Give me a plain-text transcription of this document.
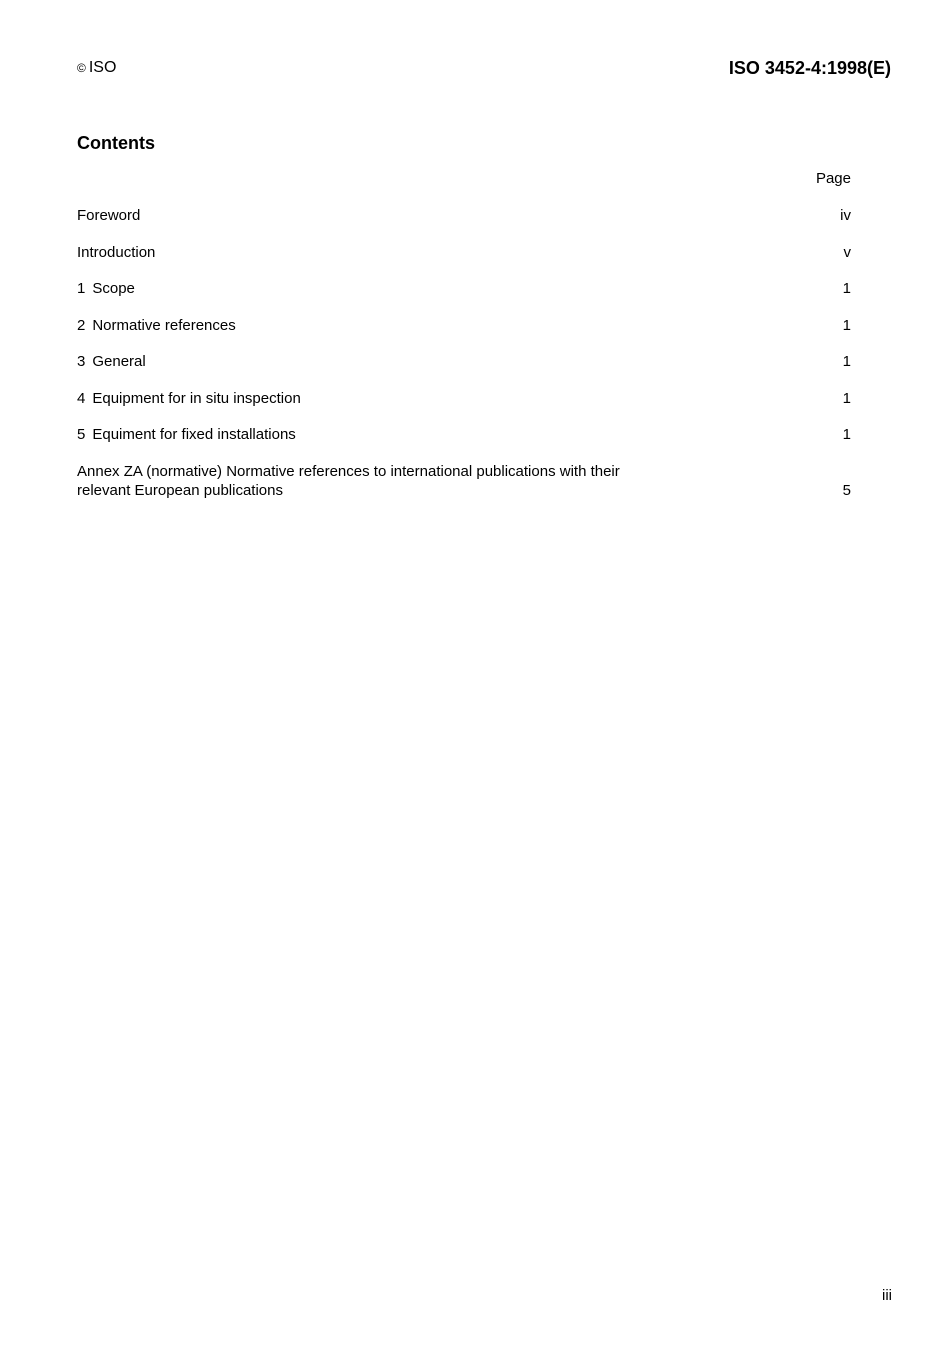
© ISO	ISO 3452-4:1998(E)
Contents
Page
Foreword	iv
Introduction	v
1 Scope	1
2 Normative references	1
3 General	1
4 Equipment for in situ inspection	1
5 Equiment for fixed installations	1
Annex ZA (normative) Normative references to international publications with their relevant European publications	5
iii
